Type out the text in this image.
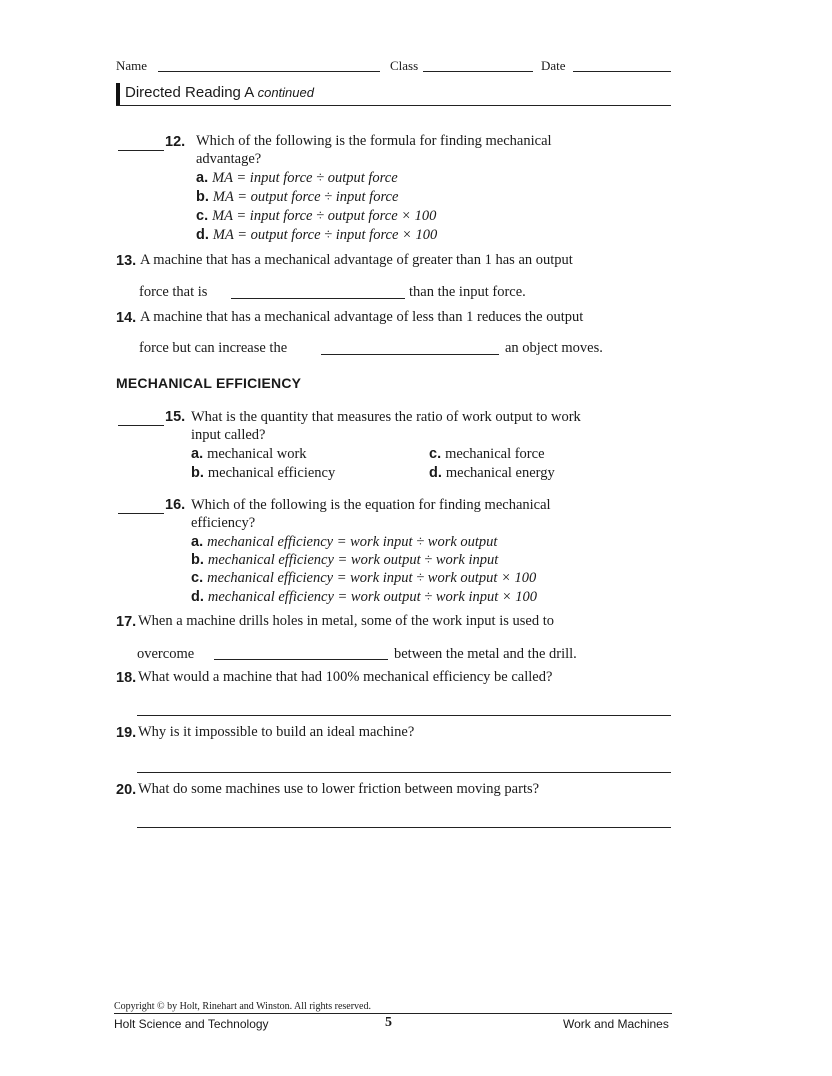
Name	Class	Date
Directed Reading A continued
12. Which of the following is the formula for finding mechanical
advantage?
a. MA = input force ÷ output force
b. MA = output force ÷ input force
c. MA = input force ÷ output force × 100
d. MA = output force ÷ input force × 100
13. A machine that has a mechanical advantage of greater than 1 has an output
force that is	than the input force.
14. A machine that has a mechanical advantage of less than 1 reduces the output
force but can increase the	an object moves.
MECHANICAL EFFICIENCY
15. What is the quantity that measures the ratio of work output to work
input called?
a. mechanical work
b. mechanical efficiency
c. mechanical force
d. mechanical energy
16. Which of the following is the equation for finding mechanical
efficiency?
a. mechanical efficiency = work input ÷ work output
b. mechanical efficiency = work output ÷ work input
c. mechanical efficiency = work input ÷ work output × 100
d. mechanical efficiency = work output ÷ work input × 100
17. When a machine drills holes in metal, some of the work input is used to
overcome	between the metal and the drill.
18. What would a machine that had 100% mechanical efficiency be called?
19. Why is it impossible to build an ideal machine?
20. What do some machines use to lower friction between moving parts?
Copyright © by Holt, Rinehart and Winston. All rights reserved.
Holt Science and Technology	5	Work and Machines
